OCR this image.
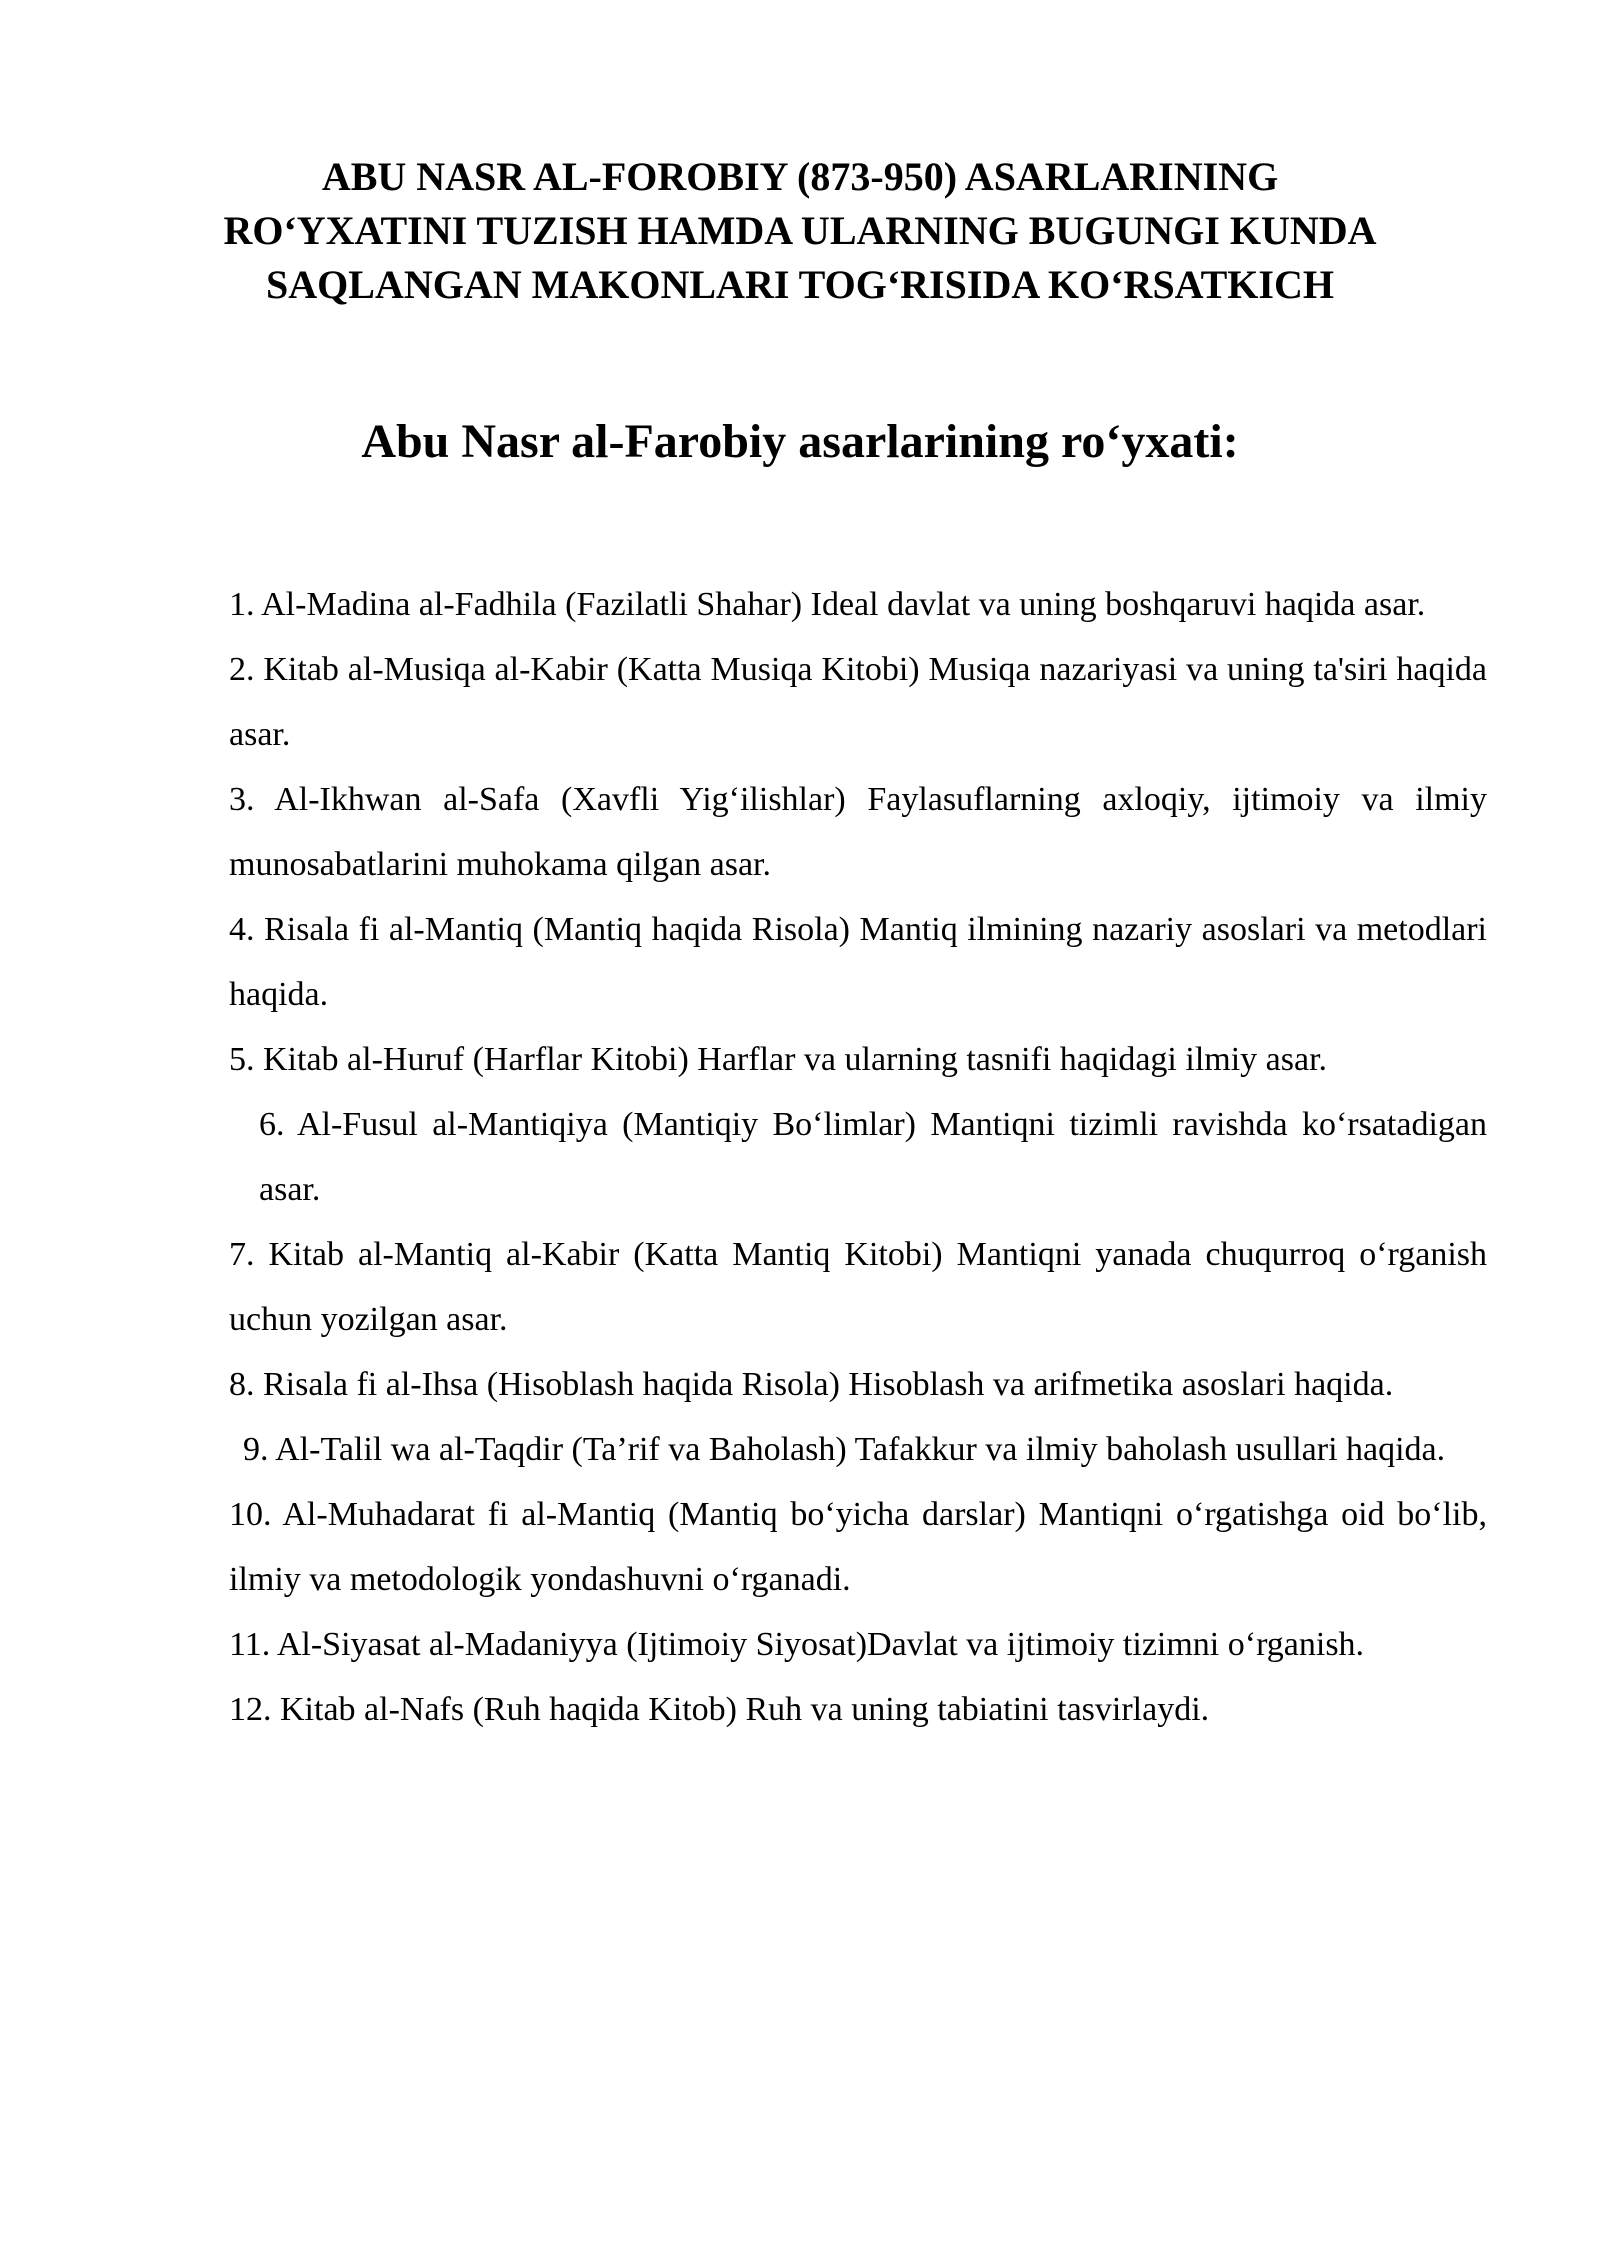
ABU NASR AL-FOROBIY (873-950) ASARLARINING
RO‘YXATINI TUZISH HAMDA ULARNING BUGUNGI KUNDA
SAQLANGAN MAKONLARI TOG‘RISIDA KO‘RSATKICH
Abu Nasr al-Farobiy asarlarining ro‘yxati:
1. Al-Madina al-Fadhila (Fazilatli Shahar) Ideal davlat va uning boshqaruvi haqida asar.
2. Kitab al-Musiqa al-Kabir (Katta Musiqa Kitobi) Musiqa nazariyasi va uning ta'siri haqida asar.
3. Al-Ikhwan al-Safa (Xavfli Yig‘ilishlar) Faylasuflarning axloqiy, ijtimoiy va ilmiy munosabatlarini muhokama qilgan asar.
4. Risala fi al-Mantiq (Mantiq haqida Risola) Mantiq ilmining nazariy asoslari va metodlari haqida.
5. Kitab al-Huruf (Harflar Kitobi) Harflar va ularning tasnifi haqidagi ilmiy asar.
6. Al-Fusul al-Mantiqiya (Mantiqiy Bo‘limlar) Mantiqni tizimli ravishda ko‘rsatadigan asar.
7. Kitab al-Mantiq al-Kabir (Katta Mantiq Kitobi) Mantiqni yanada chuqurroq o‘rganish uchun yozilgan asar.
8. Risala fi al-Ihsa (Hisoblash haqida Risola) Hisoblash va arifmetika asoslari haqida.
9. Al-Talil wa al-Taqdir (Ta’rif va Baholash) Tafakkur va ilmiy baholash usullari haqida.
10. Al-Muhadarat fi al-Mantiq (Mantiq bo‘yicha darslar) Mantiqni o‘rgatishga oid bo‘lib, ilmiy va metodologik yondashuvni o‘rganadi.
11. Al-Siyasat al-Madaniyya (Ijtimoiy Siyosat)Davlat va ijtimoiy tizimni o‘rganish.
12. Kitab al-Nafs (Ruh haqida Kitob) Ruh va uning tabiatini tasvirlaydi.
